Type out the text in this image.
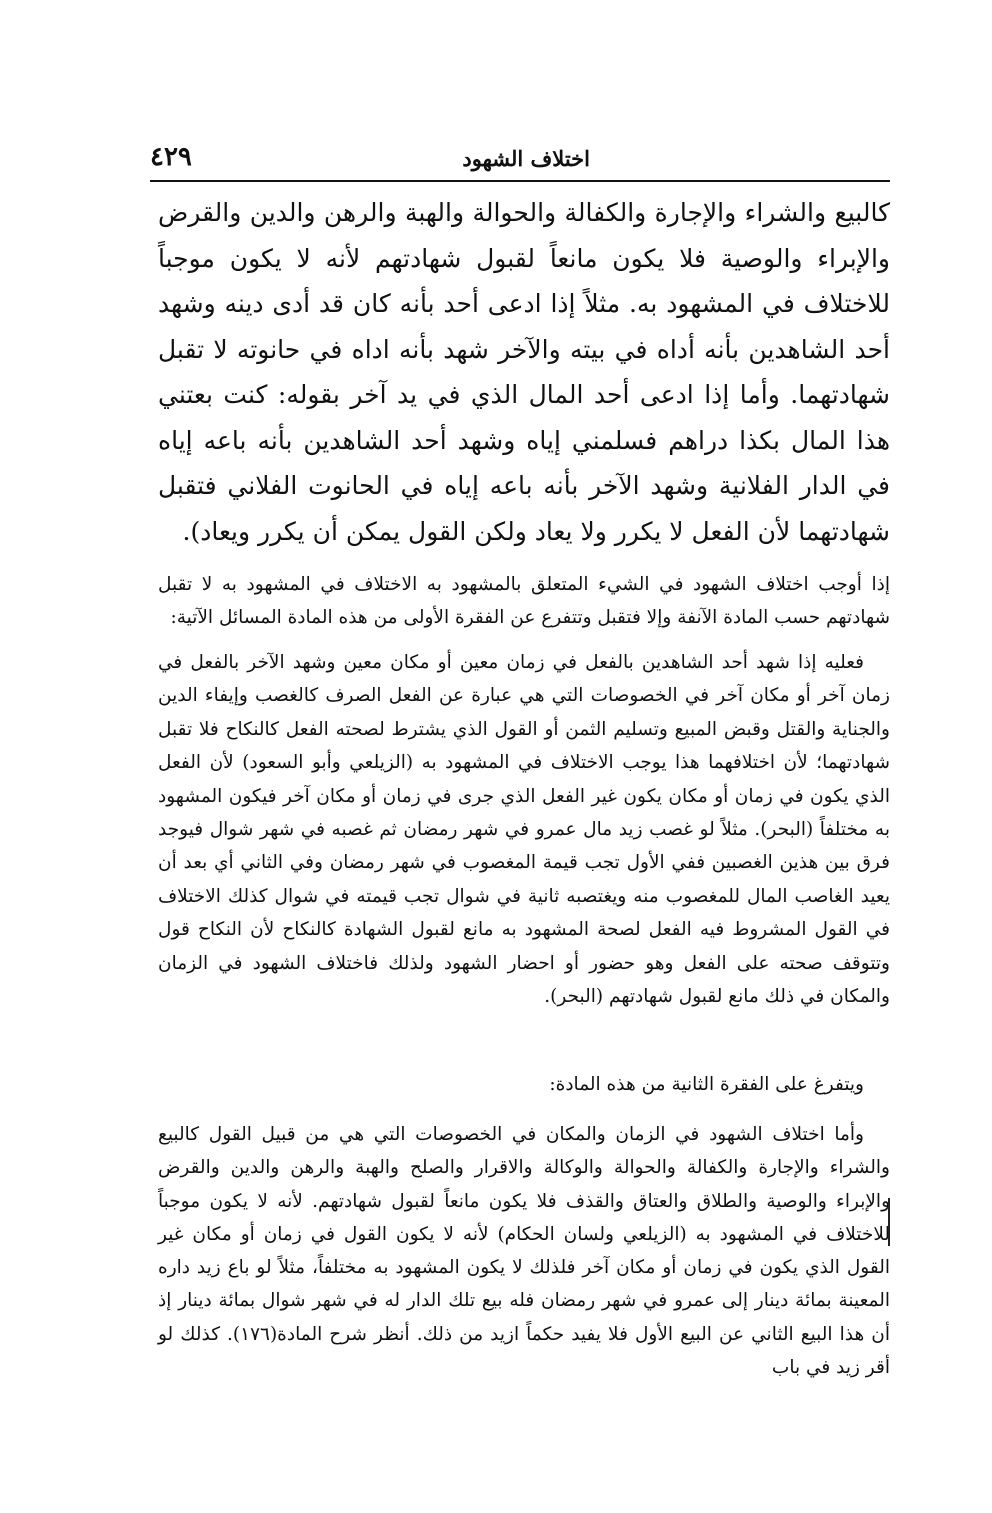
اختلاف الشهود
٤٢٩

كالبيع والشراء والإجارة والكفالة والحوالة والهبة والرهن والدين والقرض والإبراء والوصية فلا يكون مانعاً لقبول شهادتهم لأنه لا يكون موجباً للاختلاف في المشهود به. مثلاً إذا ادعى أحد بأنه كان قد أدى دينه وشهد أحد الشاهدين بأنه أداه في بيته والآخر شهد بأنه اداه في حانوته لا تقبل شهادتهما. وأما إذا ادعى أحد المال الذي في يد آخر بقوله: كنت بعتني هذا المال بكذا دراهم فسلمني إياه وشهد أحد الشاهدين بأنه باعه إياه في الدار الفلانية وشهد الآخر بأنه باعه إياه في الحانوت الفلاني فتقبل شهادتهما لأن الفعل لا يكرر ولا يعاد ولكن القول يمكن أن يكرر ويعاد).

إذا أوجب اختلاف الشهود في الشيء المتعلق بالمشهود به الاختلاف في المشهود به لا تقبل شهادتهم حسب المادة الآنفة وإلا فتقبل وتتفرع عن الفقرة الأولى من هذه المادة المسائل الآتية:

فعليه إذا شهد أحد الشاهدين بالفعل في زمان معين أو مكان معين وشهد الآخر بالفعل في زمان آخر أو مكان آخر في الخصوصات التي هي عبارة عن الفعل الصرف كالغصب وإيفاء الدين والجناية والقتل وقبض المبيع وتسليم الثمن أو القول الذي يشترط لصحته الفعل كالنكاح فلا تقبل شهادتهما؛ لأن اختلافهما هذا يوجب الاختلاف في المشهود به (الزيلعي وأبو السعود) لأن الفعل الذي يكون في زمان أو مكان يكون غير الفعل الذي جرى في زمان أو مكان آخر فيكون المشهود به مختلفاً (البحر). مثلاً لو غصب زيد مال عمرو في شهر رمضان ثم غصبه في شهر شوال فيوجد فرق بين هذين الغصبين ففي الأول تجب قيمة المغصوب في شهر رمضان وفي الثاني أي بعد أن يعيد الغاصب المال للمغصوب منه ويغتصبه ثانية في شوال تجب قيمته في شوال كذلك الاختلاف في القول المشروط فيه الفعل لصحة المشهود به مانع لقبول الشهادة كالنكاح لأن النكاح قول وتتوقف صحته على الفعل وهو حضور أو احضار الشهود ولذلك فاختلاف الشهود في الزمان والمكان في ذلك مانع لقبول شهادتهم (البحر).

ويتفرغ على الفقرة الثانية من هذه المادة:

وأما اختلاف الشهود في الزمان والمكان في الخصوصات التي هي من قبيل القول كالبيع والشراء والإجارة والكفالة والحوالة والوكالة والاقرار والصلح والهبة والرهن والدين والقرض والإبراء والوصية والطلاق والعتاق والقذف فلا يكون مانعاً لقبول شهادتهم. لأنه لا يكون موجباً للاختلاف في المشهود به (الزيلعي ولسان الحكام) لأنه لا يكون القول في زمان أو مكان غير القول الذي يكون في زمان أو مكان آخر فلذلك لا يكون المشهود به مختلفاً، مثلاً لو باع زيد داره المعينة بمائة دينار إلى عمرو في شهر رمضان فله بيع تلك الدار له في شهر شوال بمائة دينار إذ أن هذا البيع الثاني عن البيع الأول فلا يفيد حكماً ازيد من ذلك. أنظر شرح المادة(١٧٦). كذلك لو أقر زيد في باب
